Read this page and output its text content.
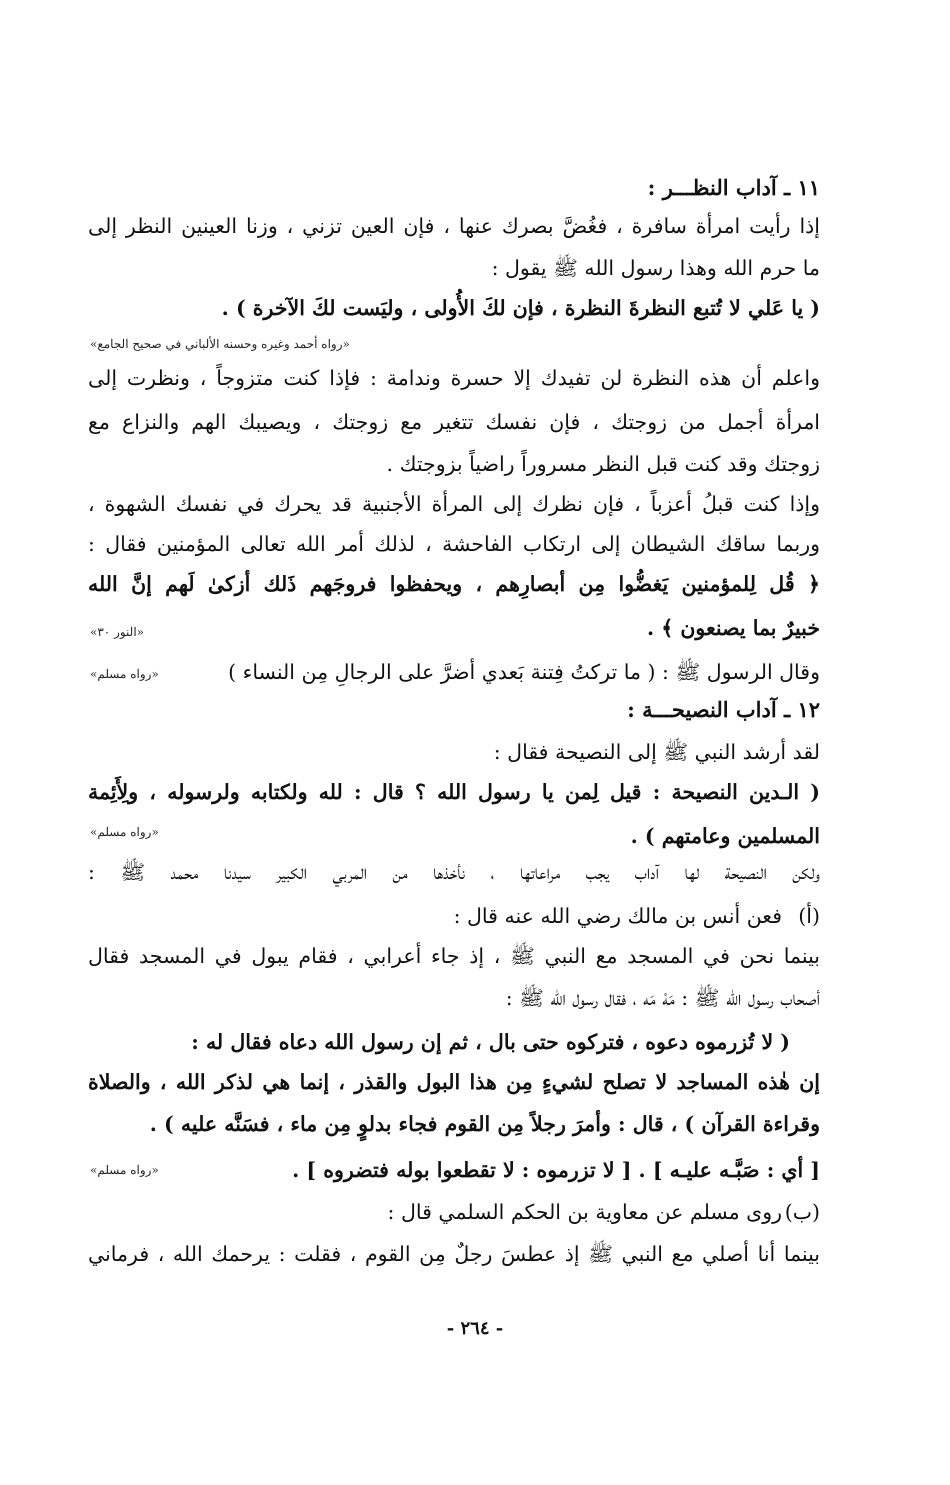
١١ ـ آداب النظـــر :
إذا رأيت امرأة سافرة ، فغُضَّ بصرك عنها ، فإن العين تزني ، وزنا العينين النظر إلى
ما حرم الله وهذا رسول الله ﷺ يقول :
( يا عَلي لا تُتبع النظرةَ النظرة ، فإن لكَ الأُولى ، وليَست لكَ الآخرة ) .
«رواه أحمد وغيره وحسنه الألباني في صحيح الجامع»
واعلم أن هذه النظرة لن تفيدك إلا حسرة وندامة : فإذا كنت متزوجاً ، ونظرت إلى
امرأة أجمل من زوجتك ، فإن نفسك تتغير مع زوجتك ، ويصيبك الهم والنزاع مع
زوجتك وقد كنت قبل النظر مسروراً راضياً بزوجتك .
وإذا كنت قبلُ أعزباً ، فإن نظرك إلى المرأة الأجنبية قد يحرك في نفسك الشهوة ،
وربما ساقك الشيطان إلى ارتكاب الفاحشة ، لذلك أمر الله تعالى المؤمنين فقال :
﴿ قُل لِلمؤمنين يَغضُّوا مِن أبصارِهم ، ويحفظوا فروجَهم ذَلك أزكىٰ لَهم إنَّ الله
خبيرٌ بما يصنعون ﴾ .
«النور ٣٠»
وقال الرسول ﷺ : ( ما تركتُ فِتنة بَعدي أضرَّ على الرجالِ مِن النساء )
«رواه مسلم»
١٢ ـ آداب النصيحـــة :
لقد أرشد النبي ﷺ إلى النصيحة فقال :
( الـدين النصيحة : قيل لِمن يا رسول الله ؟ قال : لله ولكتابه ولرسوله ، ولِأَئِمة
المسلمين وعامتهم ) .
«رواه مسلم»
ولكن النصيحة لها آداب يجب مراعاتها ، نأخذها من المربي الكبير سيدنا محمد ﷺ :
(أ)
فعن أنس بن مالك رضي الله عنه قال :
بينما نحن في المسجد مع النبي ﷺ ، إذ جاء أعرابي ، فقام يبول في المسجد فقال
أصحاب رسول الله ﷺ : مَهْ مَه ، فقال رسول الله ﷺ :
( لا تُزرموه دعوه ، فتركوه حتى بال ، ثم إن رسول الله دعاه فقال له :
إن هٰذه المساجد لا تصلح لشيءٍ مِن هذا البول والقذر ، إنما هي لذكر الله ، والصلاة
وقراءة القرآن ) ، قال : وأمرَ رجلاً مِن القوم فجاء بدلوٍ مِن ماء ، فسَنَّه عليه ) .
[ أي : صَبَّـه عليـه ] . [ لا تزرموه : لا تقطعوا بوله فتضروه ] .
«رواه مسلم»
(ب)
روى مسلم عن معاوية بن الحكم السلمي قال :
بينما أنا أصلي مع النبي ﷺ إذ عطسَ رجلٌ مِن القوم ، فقلت : يرحمك الله ، فرماني
- ٢٦٤ -
